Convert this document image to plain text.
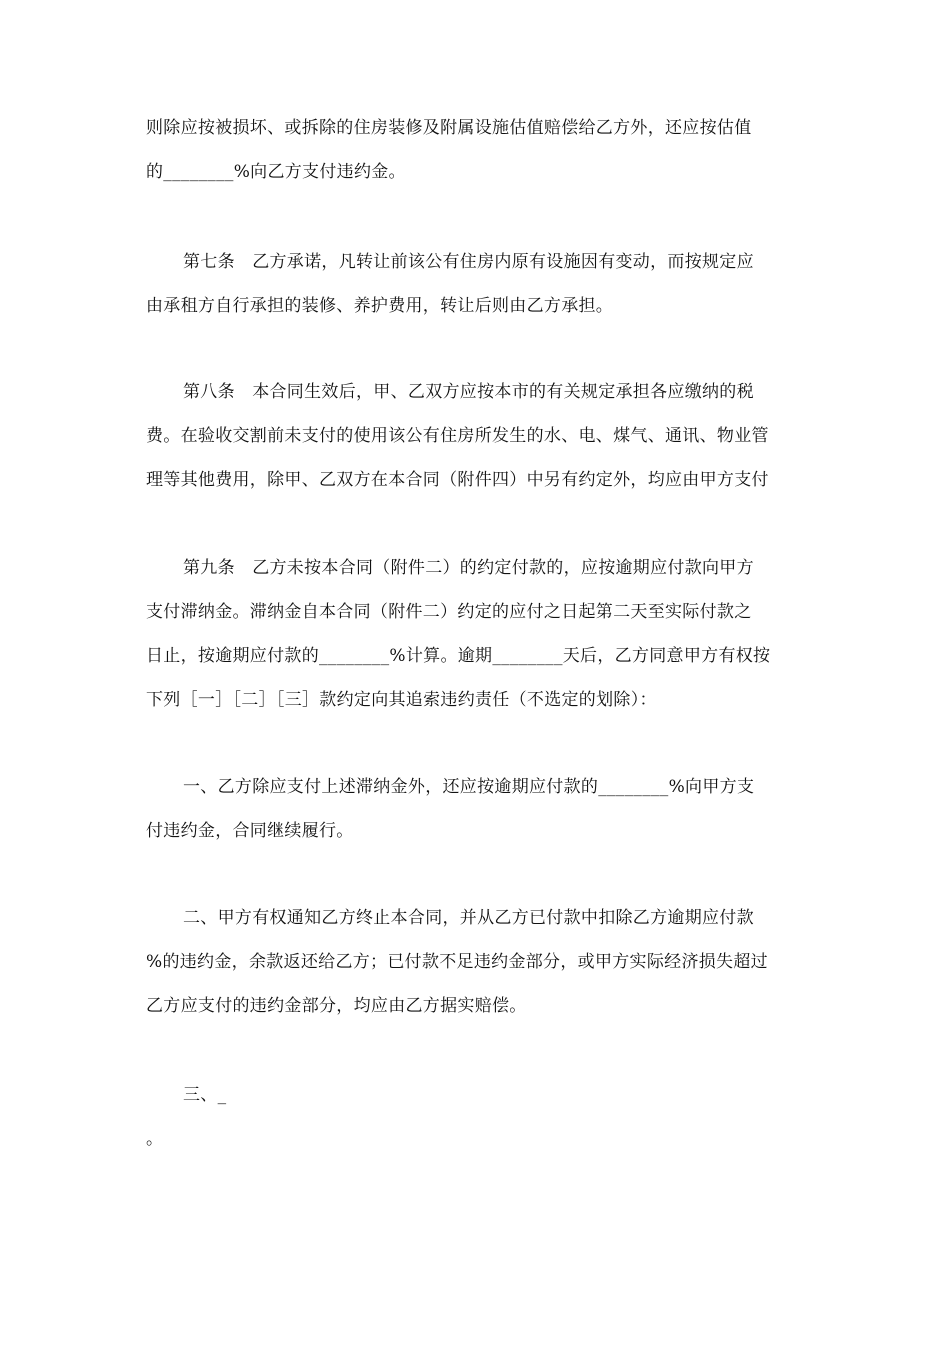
则除应按被损坏、或拆除的住房装修及附属设施估值赔偿给乙方外，还应按估值
的________%向乙方支付违约金。
第七条　乙方承诺，凡转让前该公有住房内原有设施因有变动，而按规定应
由承租方自行承担的装修、养护费用，转让后则由乙方承担。
第八条　本合同生效后，甲、乙双方应按本市的有关规定承担各应缴纳的税
费。在验收交割前未支付的使用该公有住房所发生的水、电、煤气、通讯、物业管
理等其他费用，除甲、乙双方在本合同（附件四）中另有约定外，均应由甲方支付
第九条　乙方未按本合同（附件二）的约定付款的，应按逾期应付款向甲方
支付滞纳金。滞纳金自本合同（附件二）约定的应付之日起第二天至实际付款之
日止，按逾期应付款的________%计算。逾期________天后，乙方同意甲方有权按
下列［一］［二］［三］款约定向其追索违约责任（不选定的划除）：
一、乙方除应支付上述滞纳金外，还应按逾期应付款的________%向甲方支
付违约金，合同继续履行。
二、甲方有权通知乙方终止本合同，并从乙方已付款中扣除乙方逾期应付款
%的违约金，余款返还给乙方；已付款不足违约金部分，或甲方实际经济损失超过
乙方应支付的违约金部分，均应由乙方据实赔偿。
三、_
。
